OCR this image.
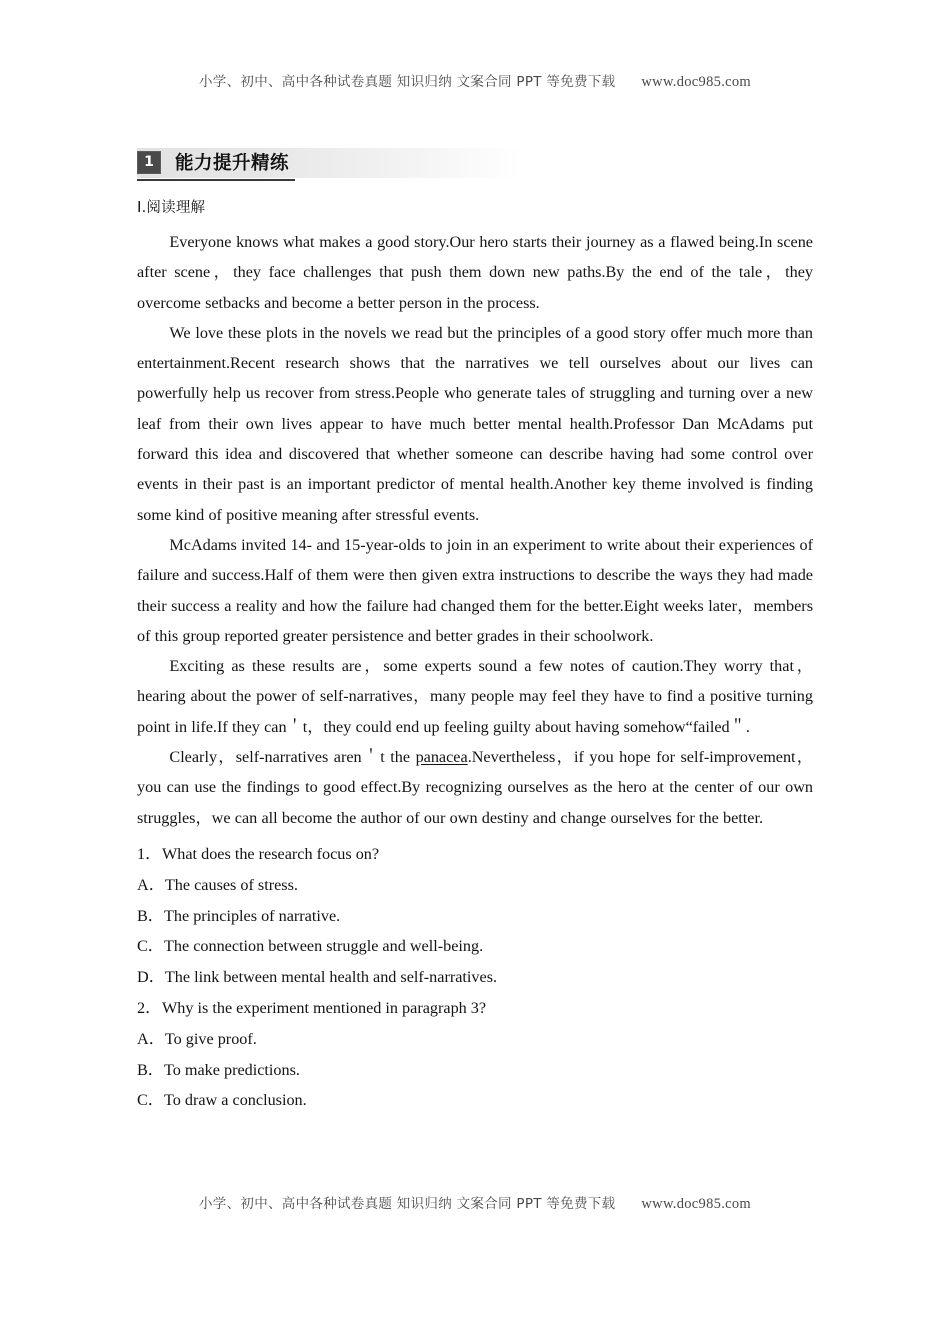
小学、初中、高中各种试卷真题 知识归纳 文案合同 PPT 等免费下载 www.doc985.com
1	能力提升精练

Ⅰ.阅读理解

Everyone knows what makes a good story.Our hero starts their journey as a flawed being.In scene after scene，they face challenges that push them down new paths.By the end of the tale，they overcome setbacks and become a better person in the process.

We love these plots in the novels we read but the principles of a good story offer much more than entertainment.Recent research shows that the narratives we tell ourselves about our lives can powerfully help us recover from stress.People who generate tales of struggling and turning over a new leaf from their own lives appear to have much better mental health.Professor Dan McAdams put forward this idea and discovered that whether someone can describe having had some control over events in their past is an important predictor of mental health.Another key theme involved is finding some kind of positive meaning after stressful events.

McAdams invited 14- and 15-year-olds to join in an experiment to write about their experiences of failure and success.Half of them were then given extra instructions to describe the ways they had made their success a reality and how the failure had changed them for the better.Eight weeks later，members of this group reported greater persistence and better grades in their schoolwork.

Exciting as these results are，some experts sound a few notes of caution.They worry that，hearing about the power of self-narratives，many people may feel they have to find a positive turning point in life.If they can＇t，they could end up feeling guilty about having somehow“failed＂.

Clearly，self-narratives aren＇t the panacea.Nevertheless，if you hope for self-improvement，you can use the findings to good effect.By recognizing ourselves as the hero at the center of our own struggles，we can all become the author of our own destiny and change ourselves for the better.

1．What does the research focus on?

A．The causes of stress.

B．The principles of narrative.

C．The connection between struggle and well-being.

D．The link between mental health and self-narratives.

2．Why is the experiment mentioned in paragraph 3?

A．To give proof.

B．To make predictions.

C．To draw a conclusion.

小学、初中、高中各种试卷真题 知识归纳 文案合同 PPT 等免费下载 www.doc985.com
